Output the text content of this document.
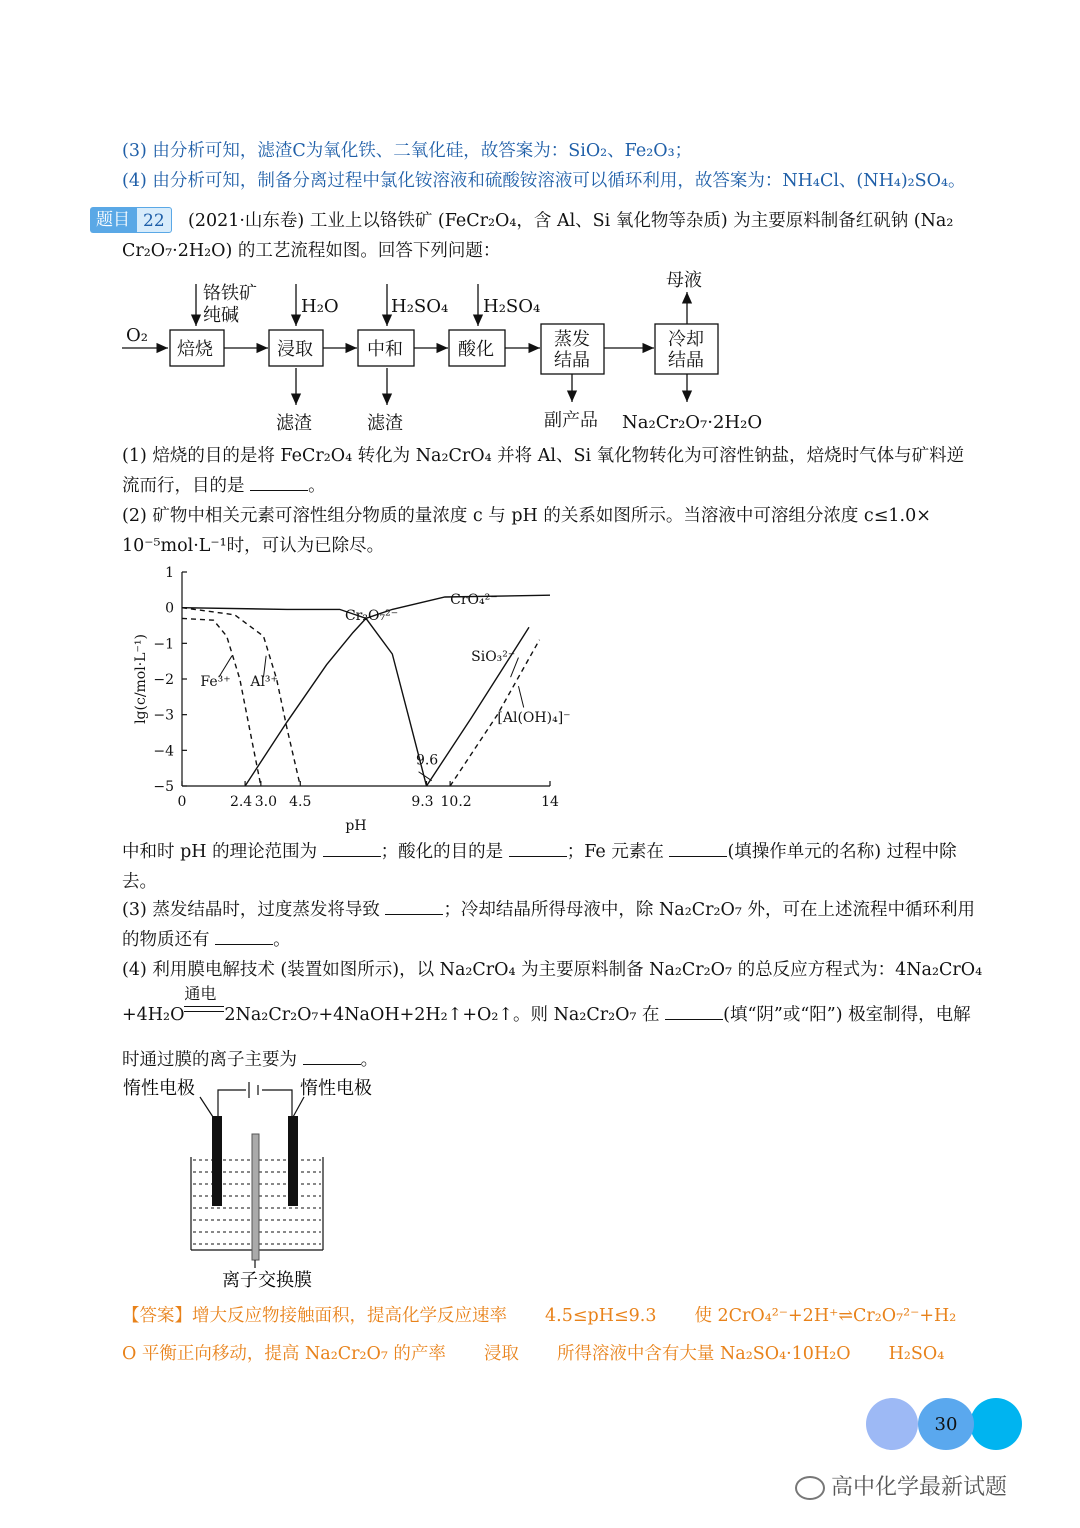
(3) 由分析可知，滤渣C为氧化铁、二氧化硅，故答案为：SiO₂、Fe₂O₃；
(4) 由分析可知，制备分离过程中氯化铵溶液和硫酸铵溶液可以循环利用，故答案为：NH₄Cl、(NH₄)₂SO₄。
题目 22	(2021·山东卷) 工业上以铬铁矿 (FeCr₂O₄，含 Al、Si 氧化物等杂质) 为主要原料制备红矾钠 (Na₂
Cr₂O₇·2H₂O) 的工艺流程如图。回答下列问题：
O₂
铬铁矿
纯碱	H₂O	H₂SO₄ H₂SO₄
焙烧	浸取	中和	酸化	蒸发
结晶
冷却
结晶
滤渣	滤渣	副产品 Na₂Cr₂O₇·2H₂O
母液
(1) 焙烧的目的是将 FeCr₂O₄ 转化为 Na₂CrO₄ 并将 Al、Si 氧化物转化为可溶性钠盐，焙烧时气体与矿料逆
流而行，目的是	。
(2) 矿物中相关元素可溶性组分物质的量浓度 c 与 pH 的关系如图所示。当溶液中可溶组分浓度 c≤1.0×
10⁻⁵mol·L⁻¹时，可认为已除尽。
1
0
−1
−2
−3
−4
−5
0	2.4 3.0 4.5	9.3 10.2	14
pH
lg(c/mol·L⁻¹)
Cr₂O₇²⁻
CrO₄²⁻
Fe³⁺ Al³⁺
SiO₃²⁻
[Al(OH)₄]⁻
9.6
中和时 pH 的理论范围为	；酸化的目的是	；Fe 元素在	(填操作单元的名称) 过程中除
去。
(3) 蒸发结晶时，过度蒸发将导致	；冷却结晶所得母液中，除 Na₂Cr₂O₇ 外，可在上述流程中循环利用
的物质还有	。
(4) 利用膜电解技术 (装置如图所示)，以 Na₂CrO₄ 为主要原料制备 Na₂Cr₂O₇ 的总反应方程式为：4Na₂CrO₄
+4H₂O
通电
2Na₂Cr₂O₇+4NaOH+2H₂↑+O₂↑。则 Na₂Cr₂O₇ 在	(填“阴”或“阳”) 极室制得，电解
时通过膜的离子主要为	。
惰性电极	惰性电极
离子交换膜
【答案】增大反应物接触面积，提高化学反应速率 4.5≤pH≤9.3 使 2CrO₄²⁻+2H⁺⇌Cr₂O₇²⁻+H₂
O 平衡正向移动，提高 Na₂Cr₂O₇ 的产率 浸取 所得溶液中含有大量 Na₂SO₄·10H₂O H₂SO₄
30
高中化学最新试题
